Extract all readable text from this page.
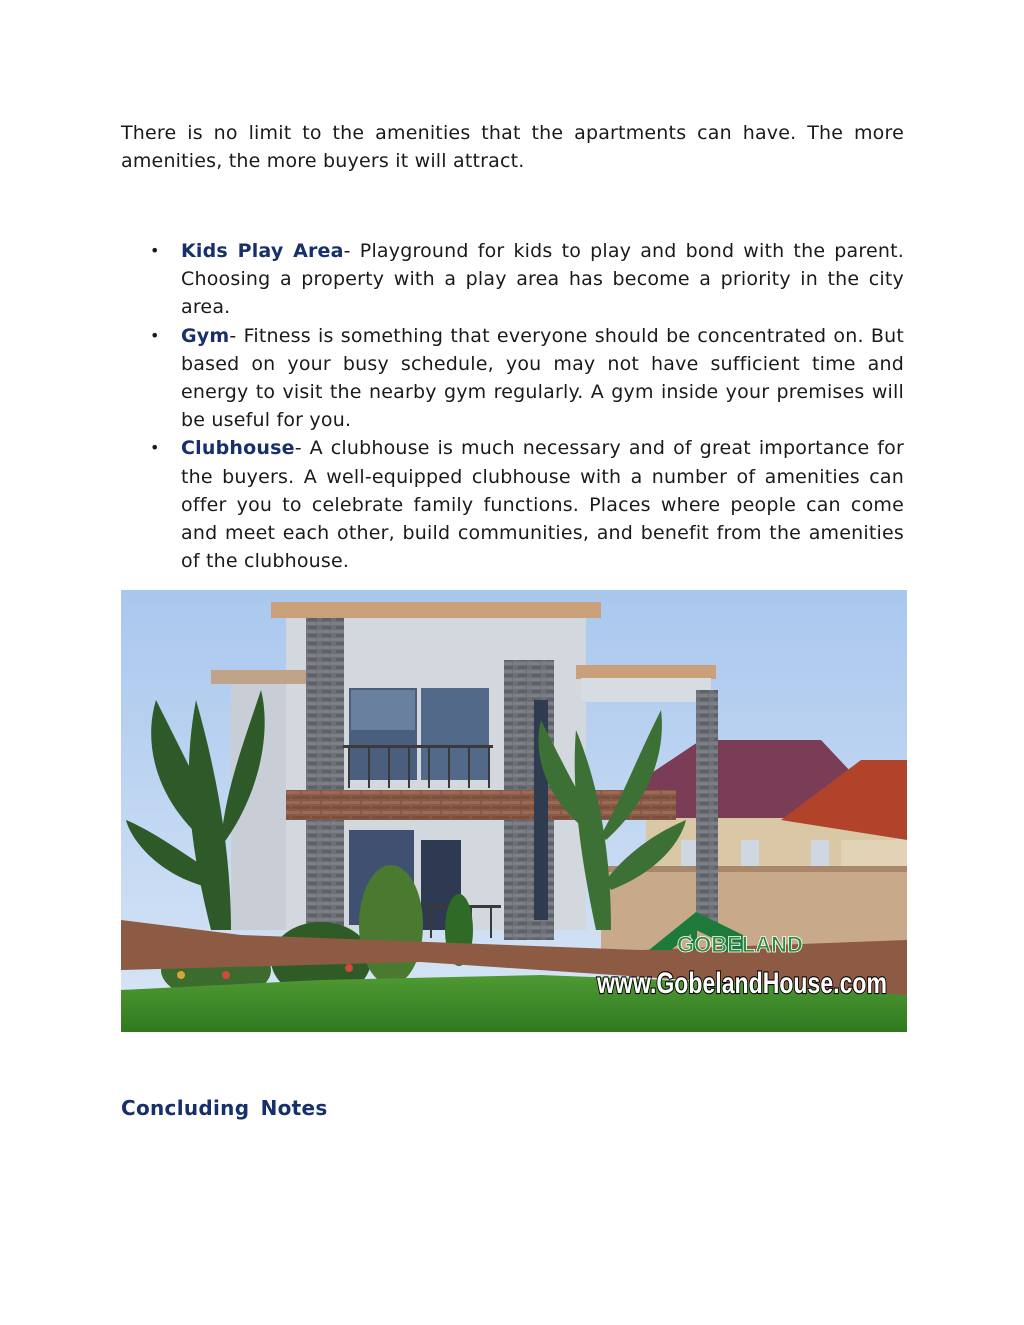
There is no limit to the amenities that the apartments can have. The more amenities, the more buyers it will attract.

• Kids Play Area- Playground for kids to play and bond with the parent. Choosing a property with a play area has become a priority in the city area.
• Gym- Fitness is something that everyone should be concentrated on. But based on your busy schedule, you may not have sufficient time and energy to visit the nearby gym regularly. A gym inside your premises will be useful for you.
• Clubhouse- A clubhouse is much necessary and of great importance for the buyers. A well-equipped clubhouse with a number of amenities can offer you to celebrate family functions. Places where people can come and meet each other, build communities, and benefit from the amenities of the clubhouse.
GOBELAND
www.GobelandHouse.com
Concluding Notes
